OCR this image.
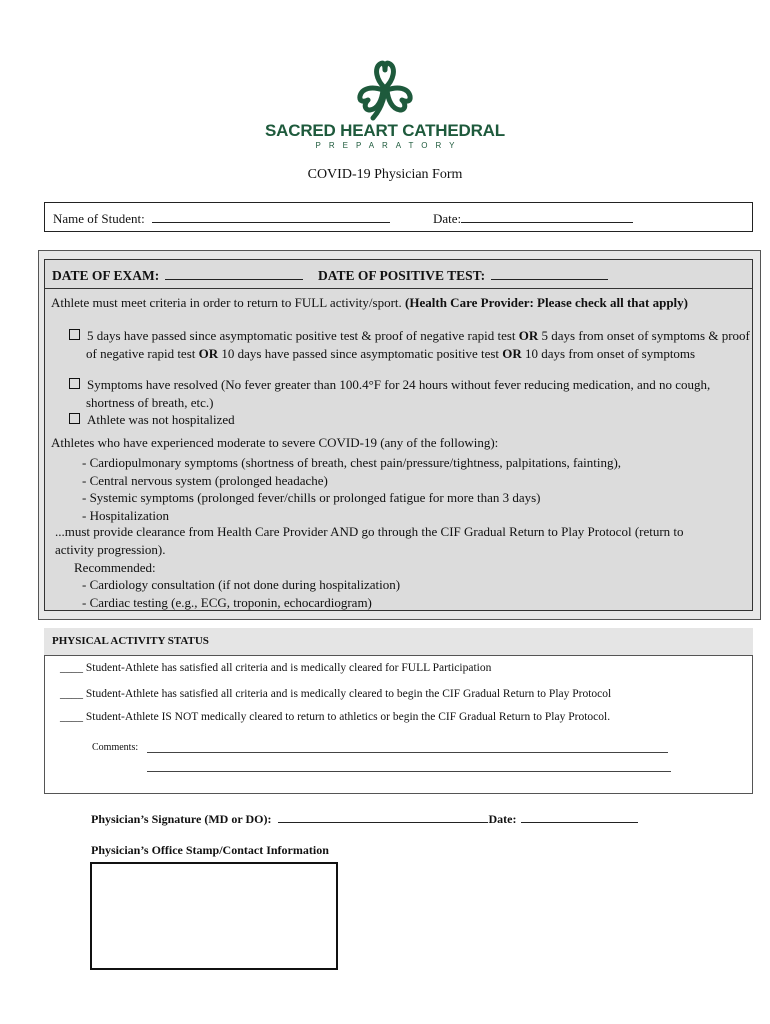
SACRED HEART CATHEDRAL
PREPARATORY
COVID-19 Physician Form
Name of Student:	Date:
DATE OF EXAM:	DATE OF POSITIVE TEST:
Athlete must meet criteria in order to return to FULL activity/sport. (Health Care Provider: Please check all that apply)
5 days have passed since asymptomatic positive test & proof of negative rapid test OR 5 days from onset of symptoms & proof of negative rapid test OR 10 days have passed since asymptomatic positive test OR 10 days from onset of symptoms
Symptoms have resolved (No fever greater than 100.4°F for 24 hours without fever reducing medication, and no cough, shortness of breath, etc.)
Athlete was not hospitalized
Athletes who have experienced moderate to severe COVID-19 (any of the following):
- Cardiopulmonary symptoms (shortness of breath, chest pain/pressure/tightness, palpitations, fainting),
- Central nervous system (prolonged headache)
- Systemic symptoms (prolonged fever/chills or prolonged fatigue for more than 3 days)
- Hospitalization
...must provide clearance from Health Care Provider AND go through the CIF Gradual Return to Play Protocol (return to activity progression).
Recommended:
- Cardiology consultation (if not done during hospitalization)
- Cardiac testing (e.g., ECG, troponin, echocardiogram)
PHYSICAL ACTIVITY STATUS
____ Student-Athlete has satisfied all criteria and is medically cleared for FULL Participation
____ Student-Athlete has satisfied all criteria and is medically cleared to begin the CIF Gradual Return to Play Protocol
____ Student-Athlete IS NOT medically cleared to return to athletics or begin the CIF Gradual Return to Play Protocol.
Comments:
Physician’s Signature (MD or DO):	Date:
Physician’s Office Stamp/Contact Information
